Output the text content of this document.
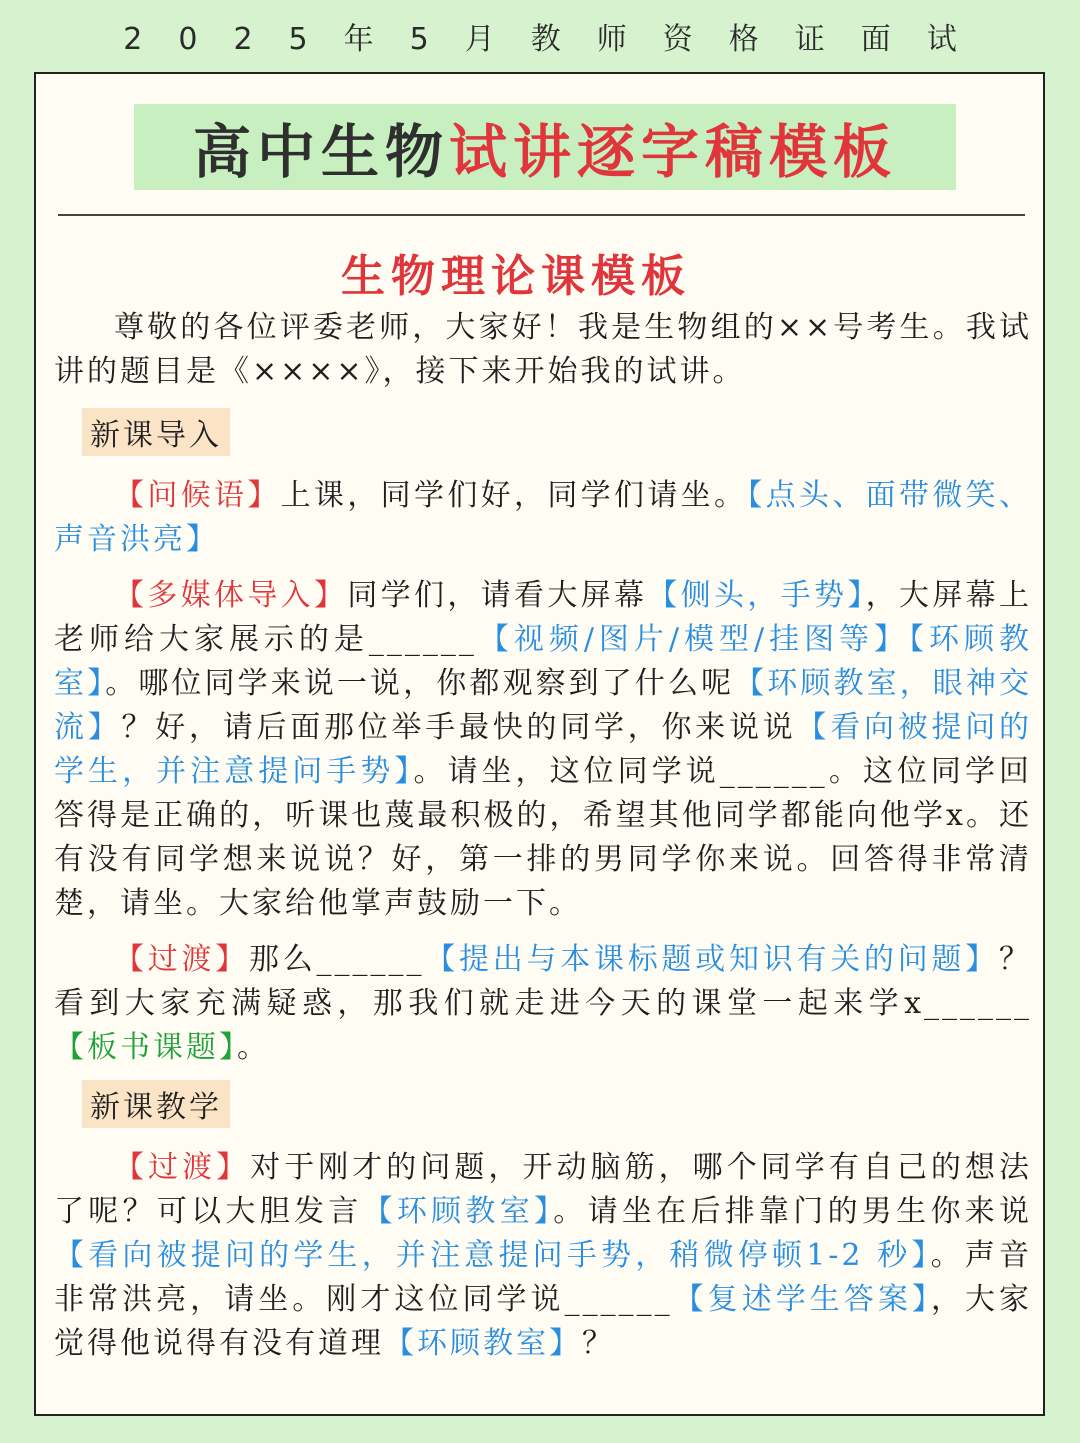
2025年5月教师资格证面试
高中生物试讲逐字稿模板
生物理论课模板

尊敬的各位评委老师，大家好！我是生物组的××号考生。我试讲的题目是《××××》，接下来开始我的试讲。

新课导入

【问候语】上课，同学们好，同学们请坐。【点头、面带微笑、声音洪亮】

【多媒体导入】同学们，请看大屏幕【侧头，手势】，大屏幕上老师给大家展示的是______【视频/图片/模型/挂图等】【环顾教室】。哪位同学来说一说，你都观察到了什么呢【环顾教室，眼神交流】？好，请后面那位举手最快的同学，你来说说【看向被提问的学生，并注意提问手势】。请坐，这位同学说______。这位同学回答得是正确的，听课也蔑最积极的，希望其他同学都能向他学x。还有没有同学想来说说？好，第一排的男同学你来说。回答得非常清楚，请坐。大家给他掌声鼓励一下。

【过渡】那么______【提出与本课标题或知识有关的问题】？看到大家充满疑惑，那我们就走进今天的课堂一起来学x______【板书课题】。

新课教学

【过渡】对于刚才的问题，开动脑筋，哪个同学有自己的想法了呢？可以大胆发言【环顾教室】。请坐在后排靠门的男生你来说【看向被提问的学生，并注意提问手势，稍微停顿1-2 秒】。声音非常洪亮，请坐。刚才这位同学说______【复述学生答案】，大家觉得他说得有没有道理【环顾教室】？
